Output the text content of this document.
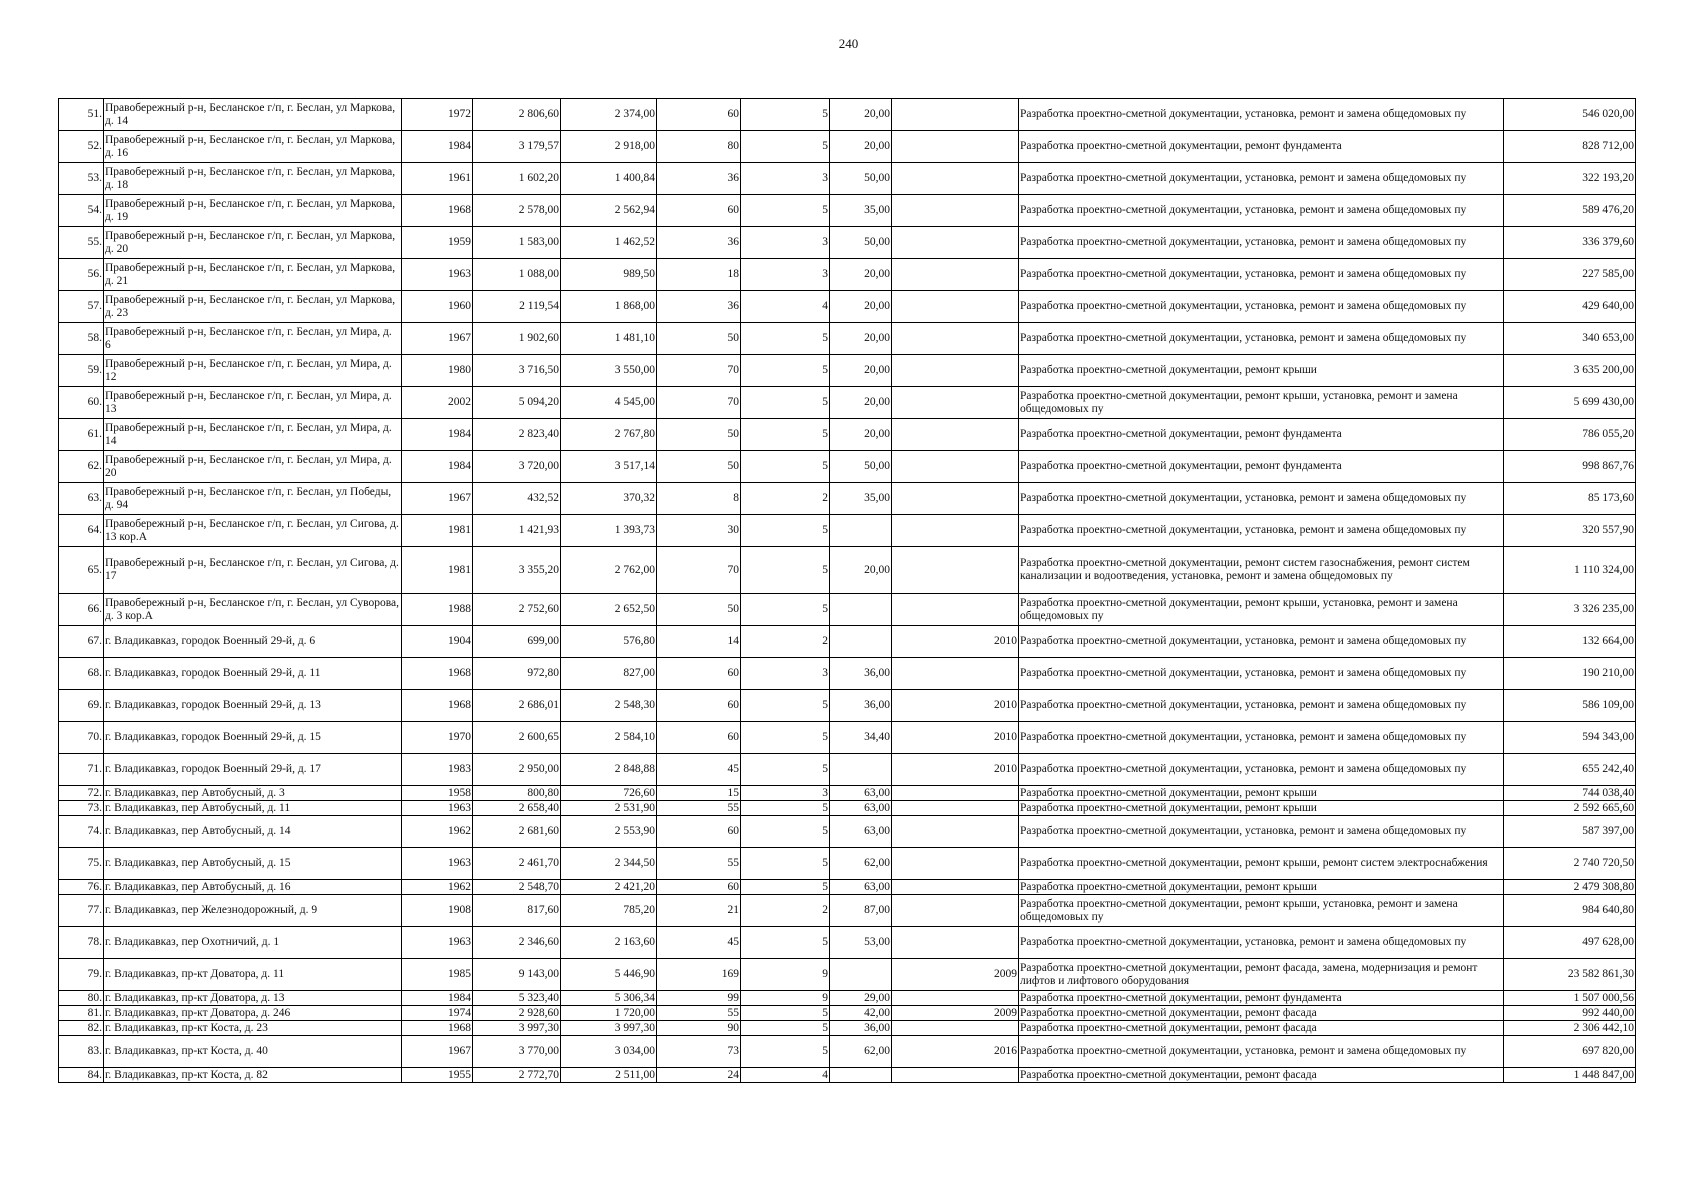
240
51.	Правобережный р-н, Бесланское г/п, г. Беслан, ул Маркова, д. 14	1972	2 806,60	2 374,00	60	5	20,00		Разработка проектно-сметной документации, установка, ремонт и замена общедомовых пу	546 020,00
52.	Правобережный р-н, Бесланское г/п, г. Беслан, ул Маркова, д. 16	1984	3 179,57	2 918,00	80	5	20,00		Разработка проектно-сметной документации, ремонт фундамента	828 712,00
53.	Правобережный р-н, Бесланское г/п, г. Беслан, ул Маркова, д. 18	1961	1 602,20	1 400,84	36	3	50,00		Разработка проектно-сметной документации, установка, ремонт и замена общедомовых пу	322 193,20
54.	Правобережный р-н, Бесланское г/п, г. Беслан, ул Маркова, д. 19	1968	2 578,00	2 562,94	60	5	35,00		Разработка проектно-сметной документации, установка, ремонт и замена общедомовых пу	589 476,20
55.	Правобережный р-н, Бесланское г/п, г. Беслан, ул Маркова, д. 20	1959	1 583,00	1 462,52	36	3	50,00		Разработка проектно-сметной документации, установка, ремонт и замена общедомовых пу	336 379,60
56.	Правобережный р-н, Бесланское г/п, г. Беслан, ул Маркова, д. 21	1963	1 088,00	989,50	18	3	20,00		Разработка проектно-сметной документации, установка, ремонт и замена общедомовых пу	227 585,00
57.	Правобережный р-н, Бесланское г/п, г. Беслан, ул Маркова, д. 23	1960	2 119,54	1 868,00	36	4	20,00		Разработка проектно-сметной документации, установка, ремонт и замена общедомовых пу	429 640,00
58.	Правобережный р-н, Бесланское г/п, г. Беслан, ул Мира, д. 6	1967	1 902,60	1 481,10	50	5	20,00		Разработка проектно-сметной документации, установка, ремонт и замена общедомовых пу	340 653,00
59.	Правобережный р-н, Бесланское г/п, г. Беслан, ул Мира, д. 12	1980	3 716,50	3 550,00	70	5	20,00		Разработка проектно-сметной документации, ремонт крыши	3 635 200,00
60.	Правобережный р-н, Бесланское г/п, г. Беслан, ул Мира, д. 13	2002	5 094,20	4 545,00	70	5	20,00		Разработка проектно-сметной документации, ремонт крыши, установка, ремонт и замена общедомовых пу	5 699 430,00
61.	Правобережный р-н, Бесланское г/п, г. Беслан, ул Мира, д. 14	1984	2 823,40	2 767,80	50	5	20,00		Разработка проектно-сметной документации, ремонт фундамента	786 055,20
62.	Правобережный р-н, Бесланское г/п, г. Беслан, ул Мира, д. 20	1984	3 720,00	3 517,14	50	5	50,00		Разработка проектно-сметной документации, ремонт фундамента	998 867,76
63.	Правобережный р-н, Бесланское г/п, г. Беслан, ул Победы, д. 94	1967	432,52	370,32	8	2	35,00		Разработка проектно-сметной документации, установка, ремонт и замена общедомовых пу	85 173,60
64.	Правобережный р-н, Бесланское г/п, г. Беслан, ул Сигова, д. 13 кор.А	1981	1 421,93	1 393,73	30	5			Разработка проектно-сметной документации, установка, ремонт и замена общедомовых пу	320 557,90
65.	Правобережный р-н, Бесланское г/п, г. Беслан, ул Сигова, д. 17	1981	3 355,20	2 762,00	70	5	20,00		Разработка проектно-сметной документации, ремонт систем газоснабжения, ремонт систем канализации и водоотведения, установка, ремонт и замена общедомовых пу	1 110 324,00
66.	Правобережный р-н, Бесланское г/п, г. Беслан, ул Суворова, д. 3 кор.А	1988	2 752,60	2 652,50	50	5			Разработка проектно-сметной документации, ремонт крыши, установка, ремонт и замена общедомовых пу	3 326 235,00
67.	г. Владикавказ, городок Военный 29-й, д. 6	1904	699,00	576,80	14	2		2010	Разработка проектно-сметной документации, установка, ремонт и замена общедомовых пу	132 664,00
68.	г. Владикавказ, городок Военный 29-й, д. 11	1968	972,80	827,00	60	3	36,00		Разработка проектно-сметной документации, установка, ремонт и замена общедомовых пу	190 210,00
69.	г. Владикавказ, городок Военный 29-й, д. 13	1968	2 686,01	2 548,30	60	5	36,00	2010	Разработка проектно-сметной документации, установка, ремонт и замена общедомовых пу	586 109,00
70.	г. Владикавказ, городок Военный 29-й, д. 15	1970	2 600,65	2 584,10	60	5	34,40	2010	Разработка проектно-сметной документации, установка, ремонт и замена общедомовых пу	594 343,00
71.	г. Владикавказ, городок Военный 29-й, д. 17	1983	2 950,00	2 848,88	45	5		2010	Разработка проектно-сметной документации, установка, ремонт и замена общедомовых пу	655 242,40
72.	г. Владикавказ, пер Автобусный, д. 3	1958	800,80	726,60	15	3	63,00		Разработка проектно-сметной документации, ремонт крыши	744 038,40
73.	г. Владикавказ, пер Автобусный, д. 11	1963	2 658,40	2 531,90	55	5	63,00		Разработка проектно-сметной документации, ремонт крыши	2 592 665,60
74.	г. Владикавказ, пер Автобусный, д. 14	1962	2 681,60	2 553,90	60	5	63,00		Разработка проектно-сметной документации, установка, ремонт и замена общедомовых пу	587 397,00
75.	г. Владикавказ, пер Автобусный, д. 15	1963	2 461,70	2 344,50	55	5	62,00		Разработка проектно-сметной документации, ремонт крыши, ремонт систем электроснабжения	2 740 720,50
76.	г. Владикавказ, пер Автобусный, д. 16	1962	2 548,70	2 421,20	60	5	63,00		Разработка проектно-сметной документации, ремонт крыши	2 479 308,80
77.	г. Владикавказ, пер Железнодорожный, д. 9	1908	817,60	785,20	21	2	87,00		Разработка проектно-сметной документации, ремонт крыши, установка, ремонт и замена общедомовых пу	984 640,80
78.	г. Владикавказ, пер Охотничий, д. 1	1963	2 346,60	2 163,60	45	5	53,00		Разработка проектно-сметной документации, установка, ремонт и замена общедомовых пу	497 628,00
79.	г. Владикавказ, пр-кт Доватора, д. 11	1985	9 143,00	5 446,90	169	9		2009	Разработка проектно-сметной документации, ремонт фасада, замена, модернизация и ремонт лифтов и лифтового оборудования	23 582 861,30
80.	г. Владикавказ, пр-кт Доватора, д. 13	1984	5 323,40	5 306,34	99	9	29,00		Разработка проектно-сметной документации, ремонт фундамента	1 507 000,56
81.	г. Владикавказ, пр-кт Доватора, д. 246	1974	2 928,60	1 720,00	55	5	42,00	2009	Разработка проектно-сметной документации, ремонт фасада	992 440,00
82.	г. Владикавказ, пр-кт Коста, д. 23	1968	3 997,30	3 997,30	90	5	36,00		Разработка проектно-сметной документации, ремонт фасада	2 306 442,10
83.	г. Владикавказ, пр-кт Коста, д. 40	1967	3 770,00	3 034,00	73	5	62,00	2016	Разработка проектно-сметной документации, установка, ремонт и замена общедомовых пу	697 820,00
84.	г. Владикавказ, пр-кт Коста, д. 82	1955	2 772,70	2 511,00	24	4			Разработка проектно-сметной документации, ремонт фасада	1 448 847,00
